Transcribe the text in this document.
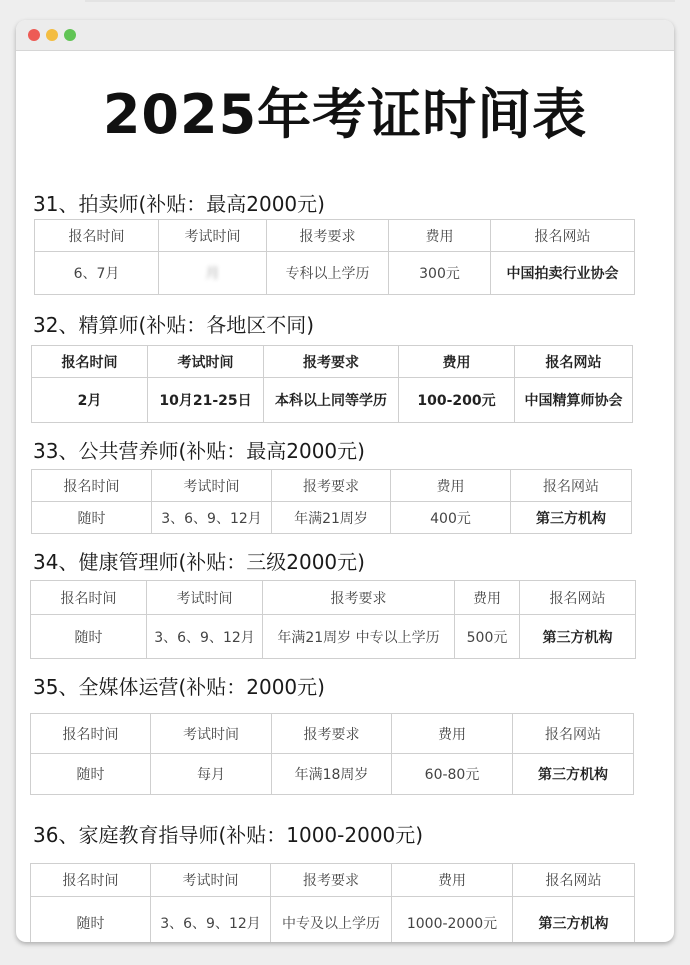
2025年考证时间表
31、拍卖师(补贴：最高2000元)
报名时间	考试时间	报考要求	费用	报名网站
6、7月	月	专科以上学历	300元	中国拍卖行业协会
32、精算师(补贴：各地区不同)
报名时间	考试时间	报考要求	费用	报名网站
2月	10月21-25日	本科以上同等学历	100-200元	中国精算师协会
33、公共营养师(补贴：最高2000元)
报名时间	考试时间	报考要求	费用	报名网站
随时	3、6、9、12月	年满21周岁	400元	第三方机构
34、健康管理师(补贴：三级2000元)
报名时间	考试时间	报考要求	费用	报名网站
随时	3、6、9、12月	年满21周岁 中专以上学历	500元	第三方机构
35、全媒体运营(补贴：2000元)
报名时间	考试时间	报考要求	费用	报名网站
随时	每月	年满18周岁	60-80元	第三方机构
36、家庭教育指导师(补贴：1000-2000元)
报名时间	考试时间	报考要求	费用	报名网站
随时	3、6、9、12月	中专及以上学历	1000-2000元	第三方机构
